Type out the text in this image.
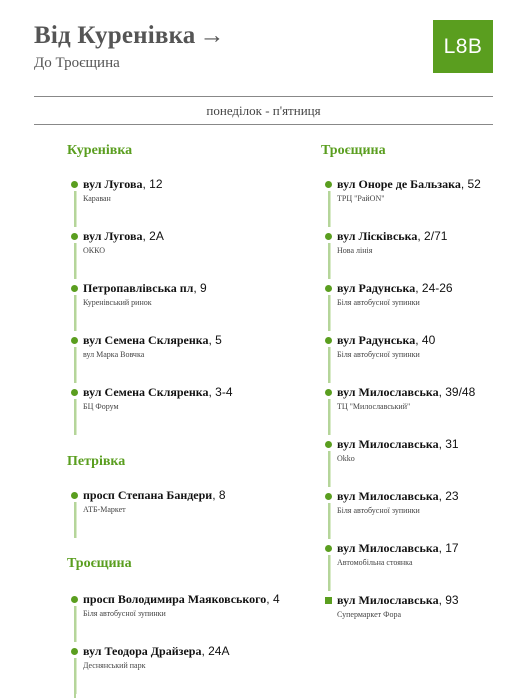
Від Куренівка →
До Троєщина
L8B
понеділок - п'ятниця
Куренівка
вул Лугова, 12
Караван
вул Лугова, 2А
ОККО
Петропавлівська пл, 9
Куренівський ринок
вул Семена Скляренка, 5
вул Марка Вовчка
вул Семена Скляренка, 3-4
БЦ Форум
Петрівка
просп Степана Бандери, 8
АТБ-Маркет
Троєщина
просп Володимира Маяковського, 4
Біля автобусної зупинки
вул Теодора Драйзера, 24А
Деснянський парк
Троєщина
вул Оноре де Бальзака, 52
ТРЦ "РайON"
вул Лісківська, 2/71
Нова лінія
вул Радунська, 24-26
Біля автобусної зупинки
вул Радунська, 40
Біля автобусної зупинки
вул Милославська, 39/48
ТЦ "Милославський"
вул Милославська, 31
Okko
вул Милославська, 23
Біля автобусної зупинки
вул Милославська, 17
Автомобільна стоянка
вул Милославська, 93
Супермаркет Фора
